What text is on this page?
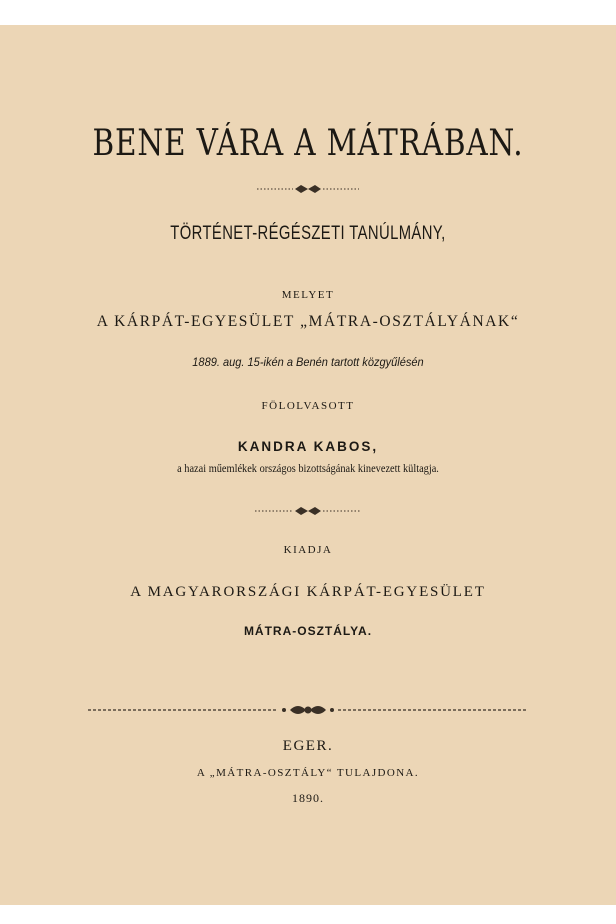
BENE VÁRA A MÁTRÁBAN.
TÖRTÉNET-RÉGÉSZETI TANÚLMÁNY,
MELYET
A KÁRPÁT-EGYESÜLET „MÁTRA-OSZTÁLYÁNAK“
1889. aug. 15-ikén a Benén tartott közgyűlésén
FÖLOLVASOTT
KANDRA KABOS,
a hazai műemlékek országos bizottságának kinevezett kültagja.
KIADJA
A MAGYARORSZÁGI KÁRPÁT-EGYESÜLET
MÁTRA-OSZTÁLYA.
EGER.
A „MÁTRA-OSZTÁLY“ TULAJDONA.
1890.
